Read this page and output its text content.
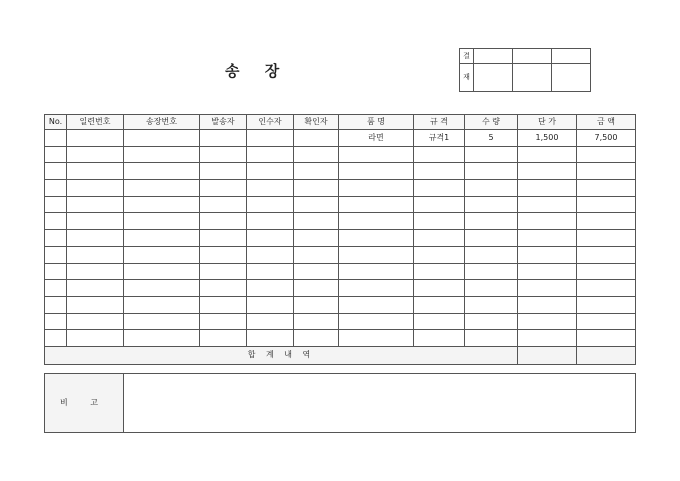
송 장
결			
재			
No.	일련번호	송장번호	발송자	인수자	확인자	품 명	규 격	수 량	단 가	금 액
						라면	규격1	5	1,500	7,500

합 계 내 역										
비 고	
